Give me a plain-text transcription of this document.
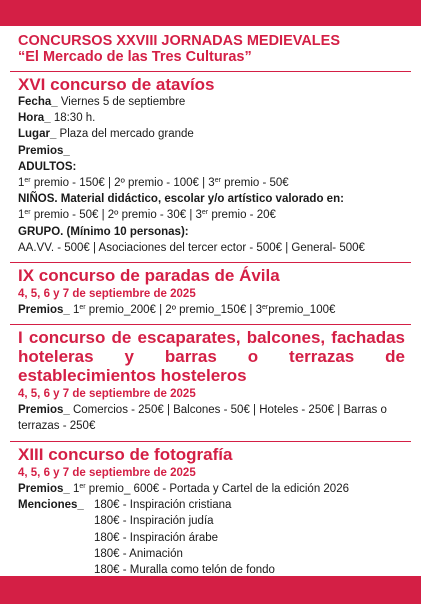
CONCURSOS XXVIII JORNADAS MEDIEVALES
“El Mercado de las Tres Culturas”
XVI concurso de atavíos
Fecha_ Viernes 5 de septiembre
Hora_ 18:30 h.
Lugar_ Plaza del mercado grande
Premios_
ADULTOS:
1er premio - 150€ | 2º premio - 100€ | 3er premio - 50€
NIÑOS. Material didáctico, escolar y/o artístico valorado en:
1er premio - 50€ | 2º premio - 30€ | 3er premio - 20€
GRUPO. (Mínimo 10 personas):
AA.VV. - 500€ | Asociaciones del tercer ector - 500€ | General- 500€
IX concurso de paradas de Ávila
4, 5, 6 y 7 de septiembre de 2025
Premios_ 1er premio_200€ | 2º premio_150€ | 3erpremio_100€
I concurso de escaparates, balcones, fachadas hoteleras y barras o terrazas de establecimientos hosteleros
4, 5, 6 y 7 de septiembre de 2025
Premios_ Comercios - 250€ | Balcones - 50€ | Hoteles - 250€ | Barras o terrazas - 250€
XIII concurso de fotografía
4, 5, 6 y 7 de septiembre de 2025
Premios_ 1er premio_ 600€ - Portada y Cartel de la edición 2026
Menciones_ 180€ - Inspiración cristiana
180€ - Inspiración judía
180€ - Inspiración árabe
180€ - Animación
180€ - Muralla como telón de fondo
